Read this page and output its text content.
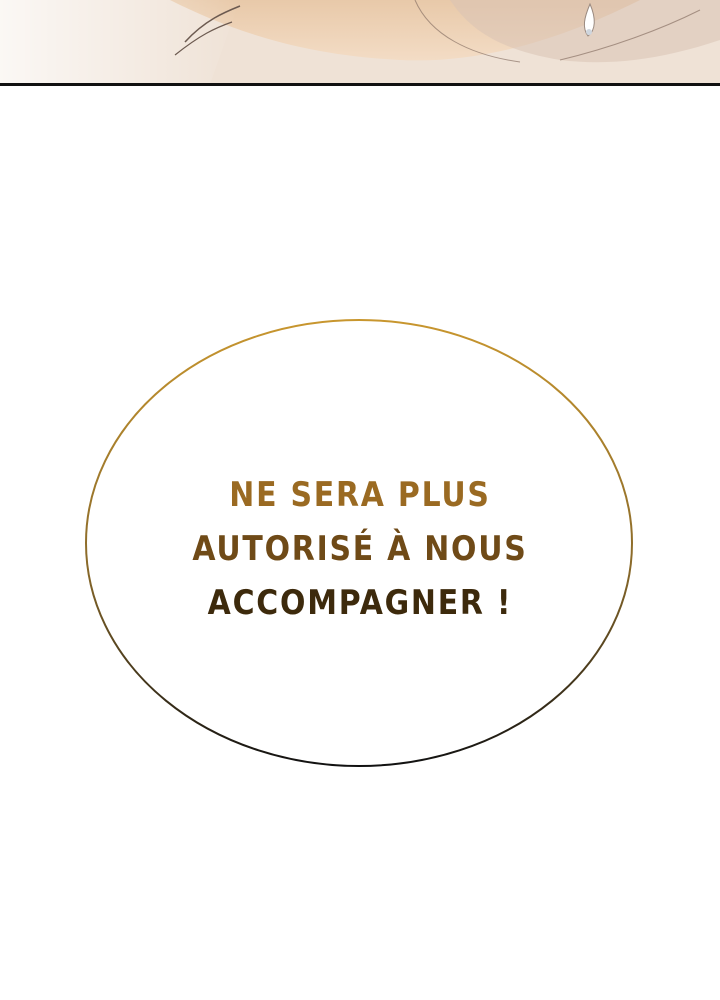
NE SERA PLUS
AUTORISÉ À NOUS
ACCOMPAGNER !
